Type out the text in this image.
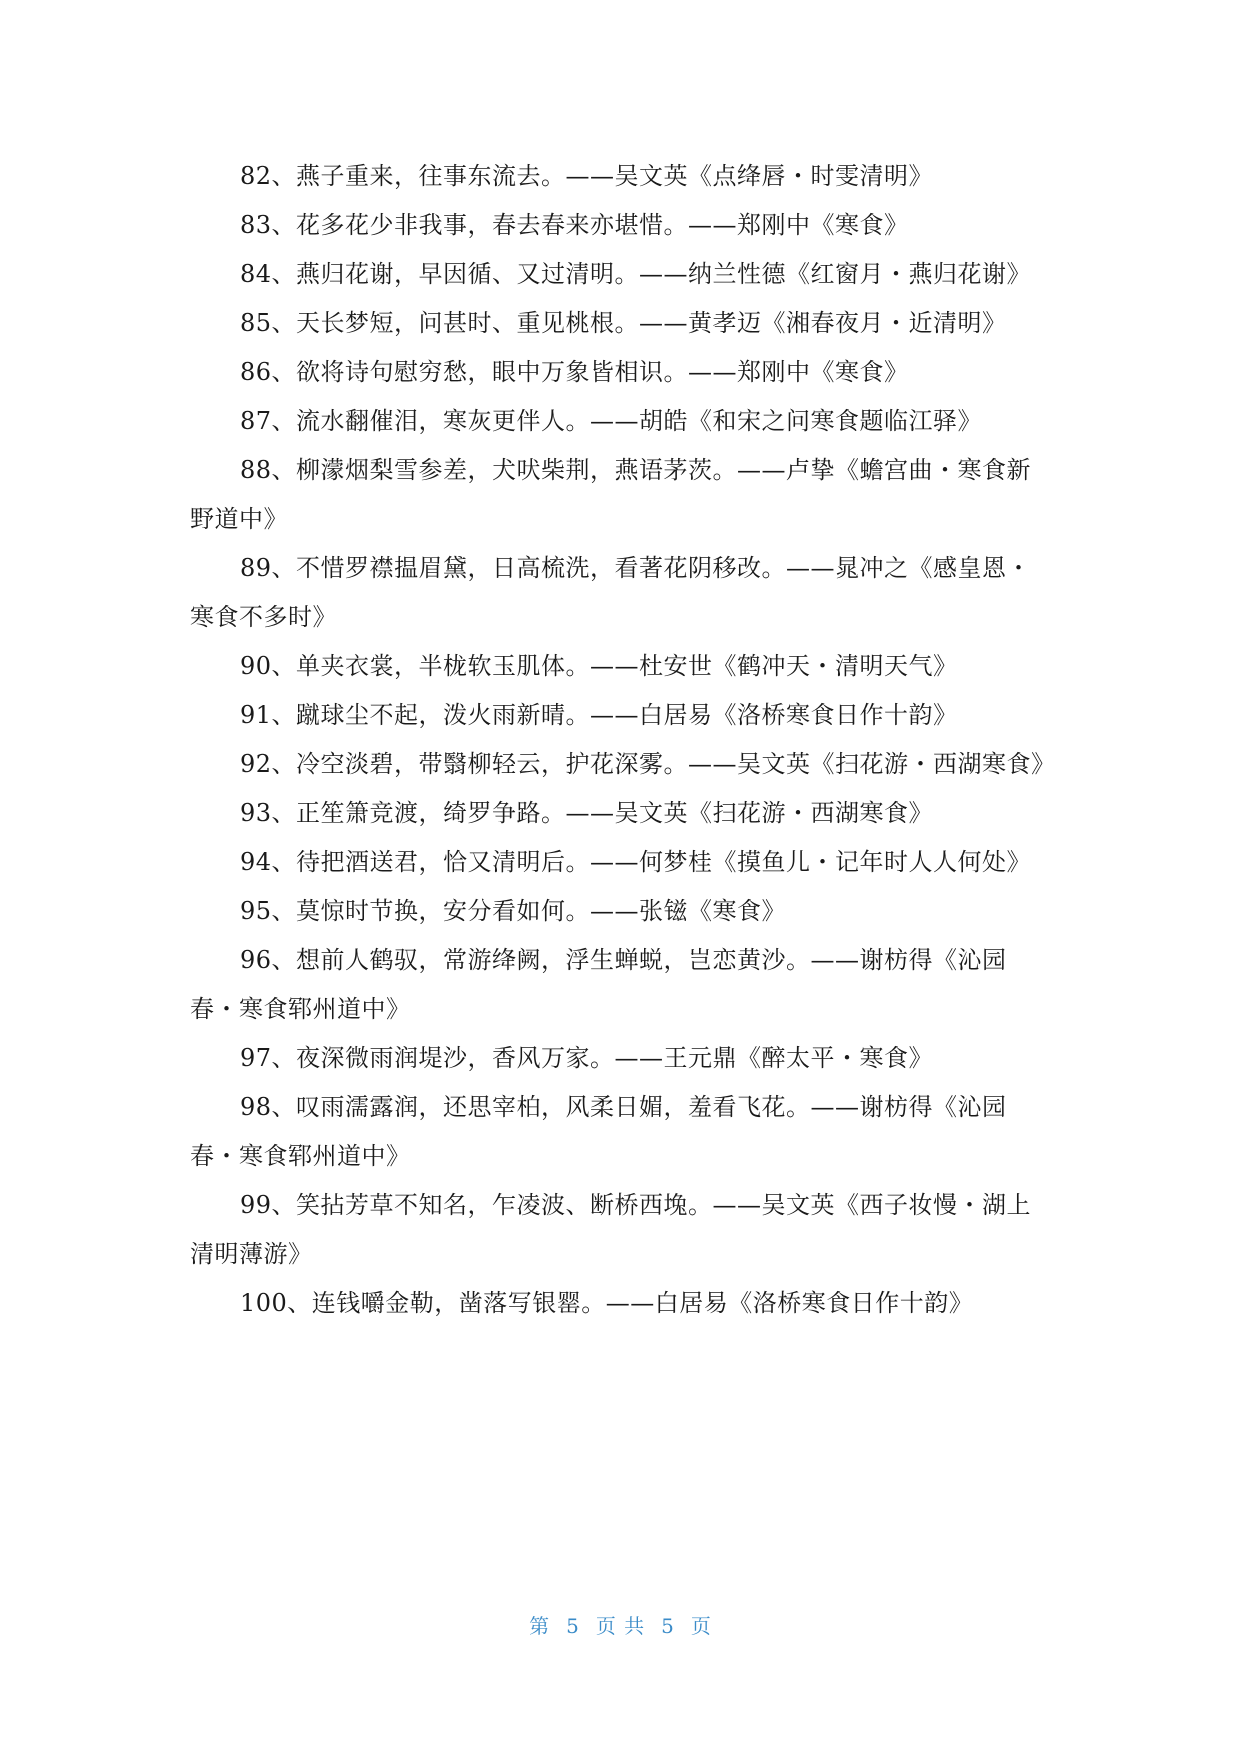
82、燕子重来，往事东流去。——吴文英《点绛唇・时雯清明》

83、花多花少非我事，春去春来亦堪惜。——郑刚中《寒食》

84、燕归花谢，早因循、又过清明。——纳兰性德《红窗月・燕归花谢》

85、天长梦短，问甚时、重见桃根。——黄孝迈《湘春夜月・近清明》

86、欲将诗句慰穷愁，眼中万象皆相识。——郑刚中《寒食》

87、流水翻催泪，寒灰更伴人。——胡皓《和宋之问寒食题临江驿》

88、柳濛烟梨雪参差，犬吠柴荆，燕语茅茨。——卢挚《蟾宫曲・寒食新野道中》

89、不惜罗襟揾眉黛，日高梳洗，看著花阴移改。——晁冲之《感皇恩・寒食不多时》

90、单夹衣裳，半栊软玉肌体。——杜安世《鹤冲天・清明天气》

91、蹴球尘不起，泼火雨新晴。——白居易《洛桥寒食日作十韵》

92、冷空淡碧，带翳柳轻云，护花深雾。——吴文英《扫花游・西湖寒食》

93、正笙箫竞渡，绮罗争路。——吴文英《扫花游・西湖寒食》

94、待把酒送君，恰又清明后。——何梦桂《摸鱼儿・记年时人人何处》

95、莫惊时节换，安分看如何。——张镃《寒食》

96、想前人鹤驭，常游绛阙，浮生蝉蜕，岂恋黄沙。——谢枋得《沁园春・寒食郓州道中》

97、夜深微雨润堤沙，香风万家。——王元鼎《醉太平・寒食》

98、叹雨濡露润，还思宰柏，风柔日媚，羞看飞花。——谢枋得《沁园春・寒食郓州道中》

99、笑拈芳草不知名，乍凌波、断桥西堍。——吴文英《西子妆慢・湖上清明薄游》

100、连钱嚼金勒，凿落写银罂。——白居易《洛桥寒食日作十韵》

第 5 页 共 5 页
